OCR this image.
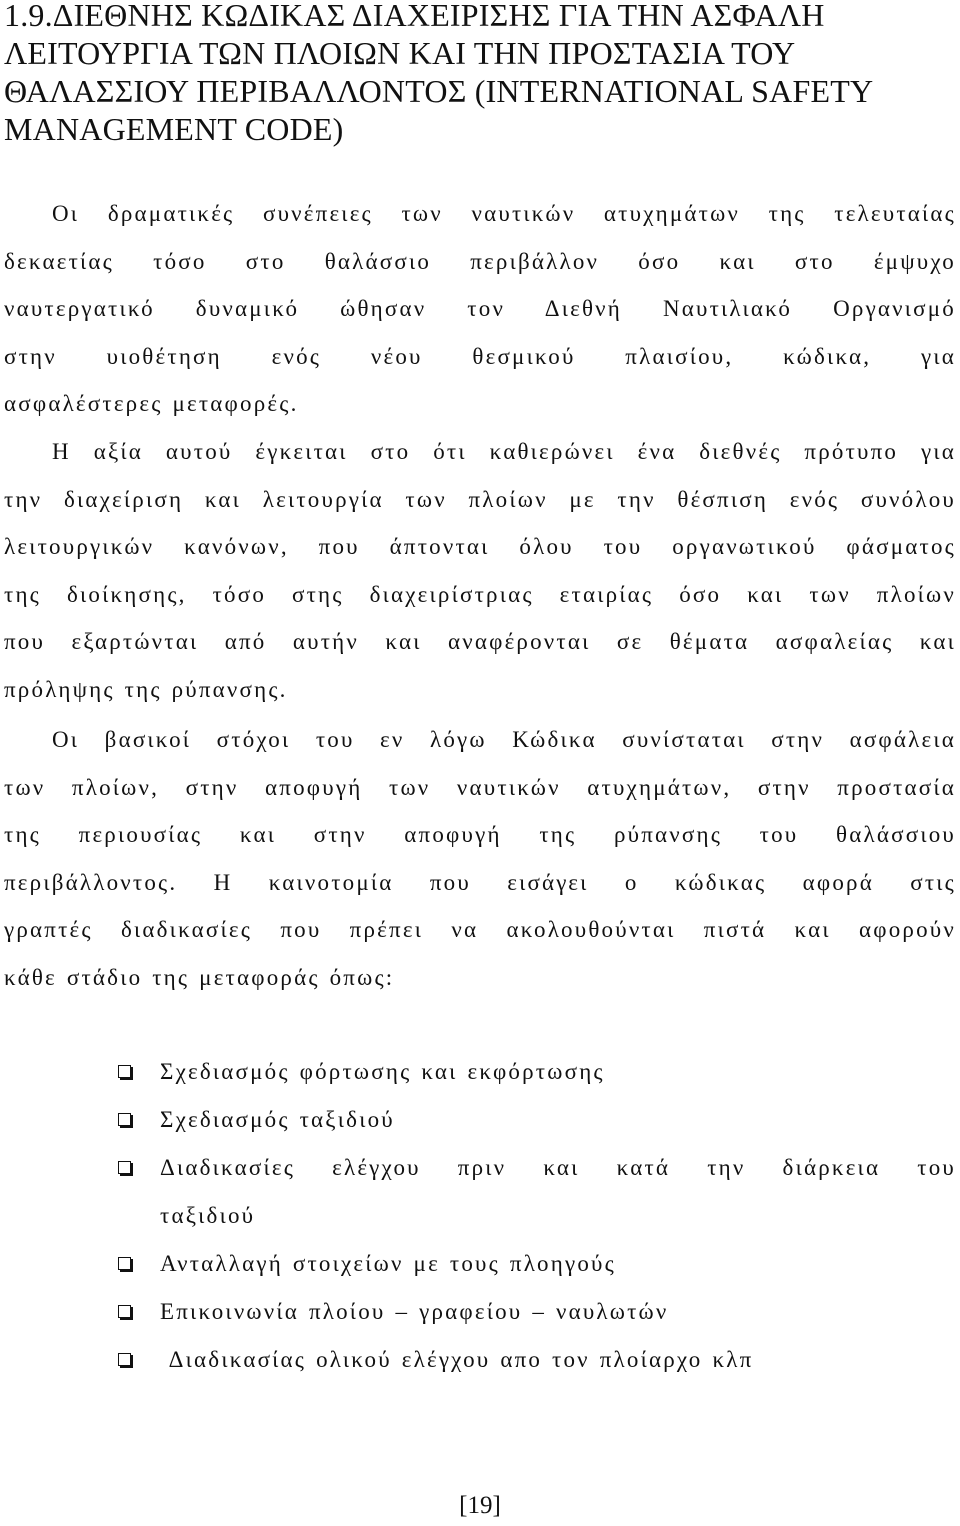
1.9.ΔΙΕΘΝΗΣ ΚΩΔΙΚΑΣ ΔΙΑΧΕΙΡΙΣΗΣ ΓΙΑ ΤΗΝ ΑΣΦΑΛΗ
ΛΕΙΤΟΥΡΓΙΑ ΤΩΝ ΠΛΟΙΩΝ ΚΑΙ ΤΗΝ ΠΡΟΣΤΑΣΙΑ ΤΟΥ
ΘΑΛΑΣΣΙΟΥ ΠΕΡΙΒΑΛΛΟΝΤΟΣ (INTERNATIONAL SAFETY
MANAGEMENT CODE)

Οι δραματικές συνέπειες των ναυτικών ατυχημάτων της τελευταίας
δεκαετίας τόσο στο θαλάσσιο περιβάλλον όσο και στο έμψυχο
ναυτεργατικό δυναμικό ώθησαν τον Διεθνή Ναυτιλιακό Οργανισμό
στην υιοθέτηση ενός νέου θεσμικού πλαισίου, κώδικα, για
ασφαλέστερες μεταφορές.

Η αξία αυτού έγκειται στο ότι καθιερώνει ένα διεθνές πρότυπο για
την διαχείριση και λειτουργία των πλοίων με την θέσπιση ενός συνόλου
λειτουργικών κανόνων, που άπτονται όλου του οργανωτικού φάσματος
της διοίκησης, τόσο στης διαχειρίστριας εταιρίας όσο και των πλοίων
που εξαρτώνται από αυτήν και αναφέρονται σε θέματα ασφαλείας και
πρόληψης της ρύπανσης.

Οι βασικοί στόχοι του εν λόγω Κώδικα συνίσταται στην ασφάλεια
των πλοίων, στην αποφυγή των ναυτικών ατυχημάτων, στην προστασία
της περιουσίας και στην αποφυγή της ρύπανσης του θαλάσσιου
περιβάλλοντος. Η καινοτομία που εισάγει ο κώδικας αφορά στις
γραπτές διαδικασίες που πρέπει να ακολουθούνται πιστά και αφορούν
κάθε στάδιο της μεταφοράς όπως:

Σχεδιασμός φόρτωσης και εκφόρτωσης
Σχεδιασμός ταξιδιού
Διαδικασίες ελέγχου πριν και κατά την διάρκεια του
ταξιδιού
Ανταλλαγή στοιχείων με τους πλοηγούς
Επικοινωνία πλοίου – γραφείου – ναυλωτών
Διαδικασίας ολικού ελέγχου απο τον πλοίαρχο κλπ
[19]
